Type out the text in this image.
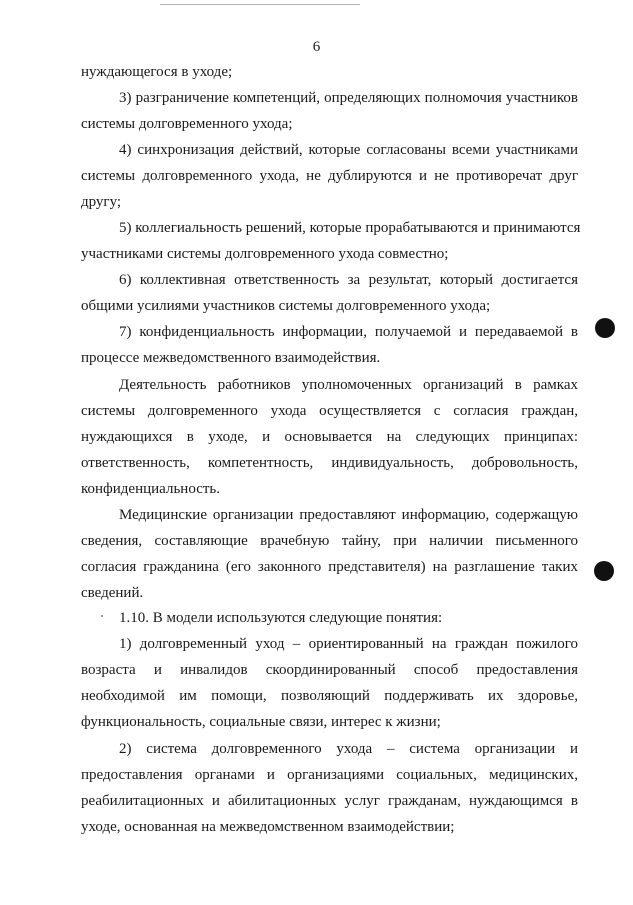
6
нуждающегося в уходе;
3) разграничение компетенций, определяющих полномочия участников
системы долговременного ухода;
4) синхронизация действий, которые согласованы всеми участниками
системы долговременного ухода, не дублируются и не противоречат друг
другу;
5) коллегиальность решений, которые прорабатываются и принимаются
участниками системы долговременного ухода совместно;
6) коллективная ответственность за результат, который достигается
общими усилиями участников системы долговременного ухода;
7) конфиденциальность информации, получаемой и передаваемой в
процессе межведомственного взаимодействия.
Деятельность работников уполномоченных организаций в рамках
системы долговременного ухода осуществляется с согласия граждан,
нуждающихся в уходе, и основывается на следующих принципах:
ответственность, компетентность, индивидуальность, добровольность,
конфиденциальность.
Медицинские организации предоставляют информацию, содержащую
сведения, составляющие врачебную тайну, при наличии письменного
согласия гражданина (его законного представителя) на разглашение таких
сведений.
1.10. В модели используются следующие понятия:
1) долговременный уход – ориентированный на граждан пожилого
возраста и инвалидов скоординированный способ предоставления
необходимой им помощи, позволяющий поддерживать их здоровье,
функциональность, социальные связи, интерес к жизни;
2) система долговременного ухода – система организации и
предоставления органами и организациями социальных, медицинских,
реабилитационных и абилитационных услуг гражданам, нуждающимся в
уходе, основанная на межведомственном взаимодействии;
